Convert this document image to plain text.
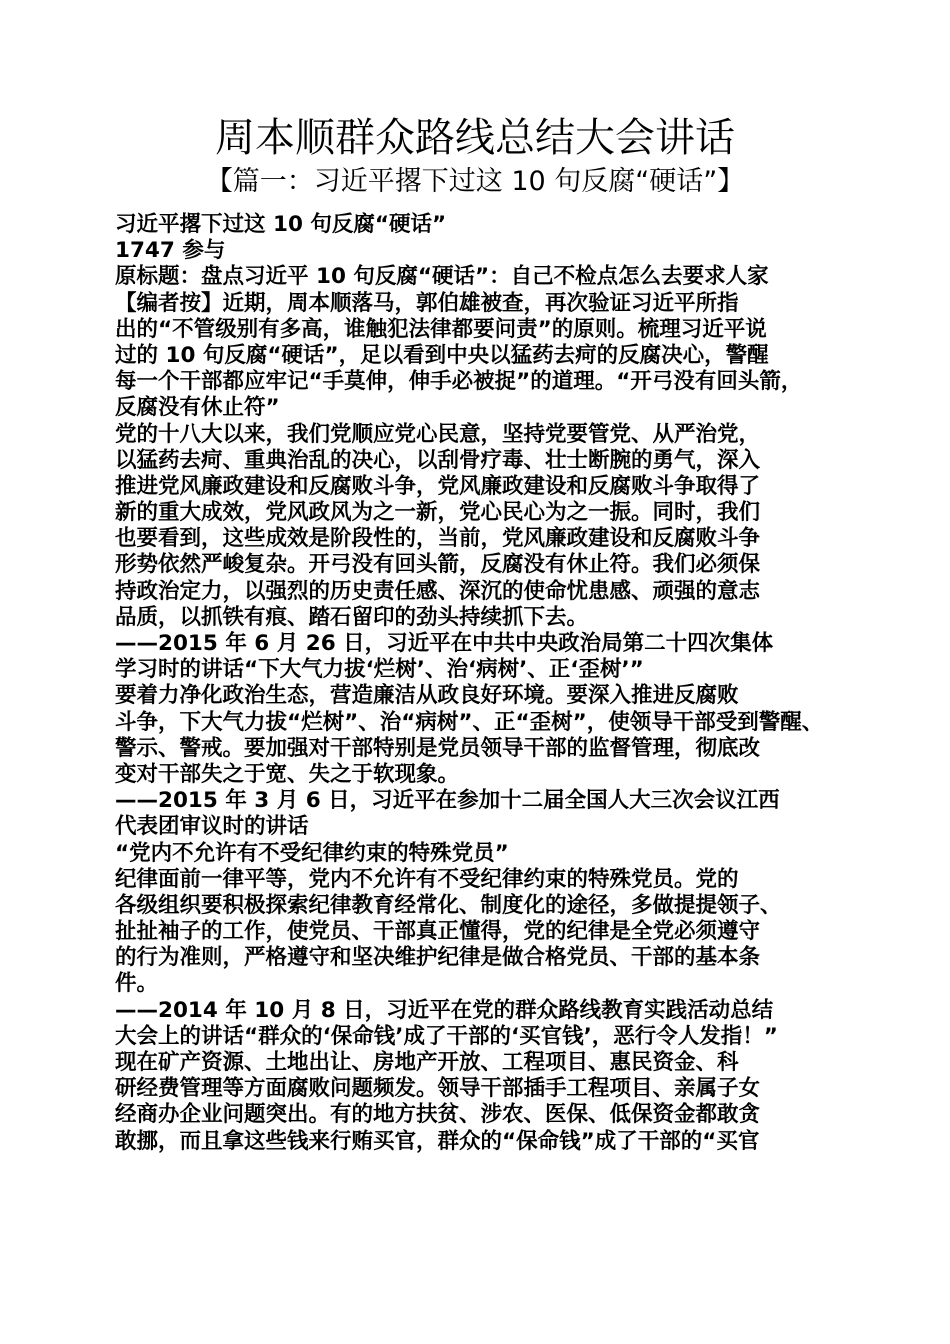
周本顺群众路线总结大会讲话
【篇一：习近平撂下过这 10 句反腐“硬话”】
习近平撂下过这 10 句反腐“硬话”
1747 参与
原标题：盘点习近平 10 句反腐“硬话”：自己不检点怎么去要求人家
【编者按】近期，周本顺落马，郭伯雄被查，再次验证习近平所指
出的“不管级别有多高，谁触犯法律都要问责”的原则。梳理习近平说
过的 10 句反腐“硬话”，足以看到中央以猛药去疴的反腐决心，警醒
每一个干部都应牢记“手莫伸，伸手必被捉”的道理。“开弓没有回头箭，
反腐没有休止符”
党的十八大以来，我们党顺应党心民意，坚持党要管党、从严治党，
以猛药去疴、重典治乱的决心，以刮骨疗毒、壮士断腕的勇气，深入
推进党风廉政建设和反腐败斗争，党风廉政建设和反腐败斗争取得了
新的重大成效，党风政风为之一新，党心民心为之一振。同时，我们
也要看到，这些成效是阶段性的，当前，党风廉政建设和反腐败斗争
形势依然严峻复杂。开弓没有回头箭，反腐没有休止符。我们必须保
持政治定力，以强烈的历史责任感、深沉的使命忧患感、顽强的意志
品质，以抓铁有痕、踏石留印的劲头持续抓下去。
——2015 年 6 月 26 日，习近平在中共中央政治局第二十四次集体
学习时的讲话“下大气力拔‘烂树’、治‘病树’、正‘歪树’”
要着力净化政治生态，营造廉洁从政良好环境。要深入推进反腐败
斗争，下大气力拔“烂树”、治“病树”、正“歪树”，使领导干部受到警醒、
警示、警戒。要加强对干部特别是党员领导干部的监督管理，彻底改
变对干部失之于宽、失之于软现象。
——2015 年 3 月 6 日，习近平在参加十二届全国人大三次会议江西
代表团审议时的讲话
“党内不允许有不受纪律约束的特殊党员”
纪律面前一律平等，党内不允许有不受纪律约束的特殊党员。党的
各级组织要积极探索纪律教育经常化、制度化的途径，多做提提领子、
扯扯袖子的工作，使党员、干部真正懂得，党的纪律是全党必须遵守
的行为准则，严格遵守和坚决维护纪律是做合格党员、干部的基本条
件。
——2014 年 10 月 8 日，习近平在党的群众路线教育实践活动总结
大会上的讲话“群众的‘保命钱’成了干部的‘买官钱’，恶行令人发指！”
现在矿产资源、土地出让、房地产开放、工程项目、惠民资金、科
研经费管理等方面腐败问题频发。领导干部插手工程项目、亲属子女
经商办企业问题突出。有的地方扶贫、涉农、医保、低保资金都敢贪
敢挪，而且拿这些钱来行贿买官，群众的“保命钱”成了干部的“买官
